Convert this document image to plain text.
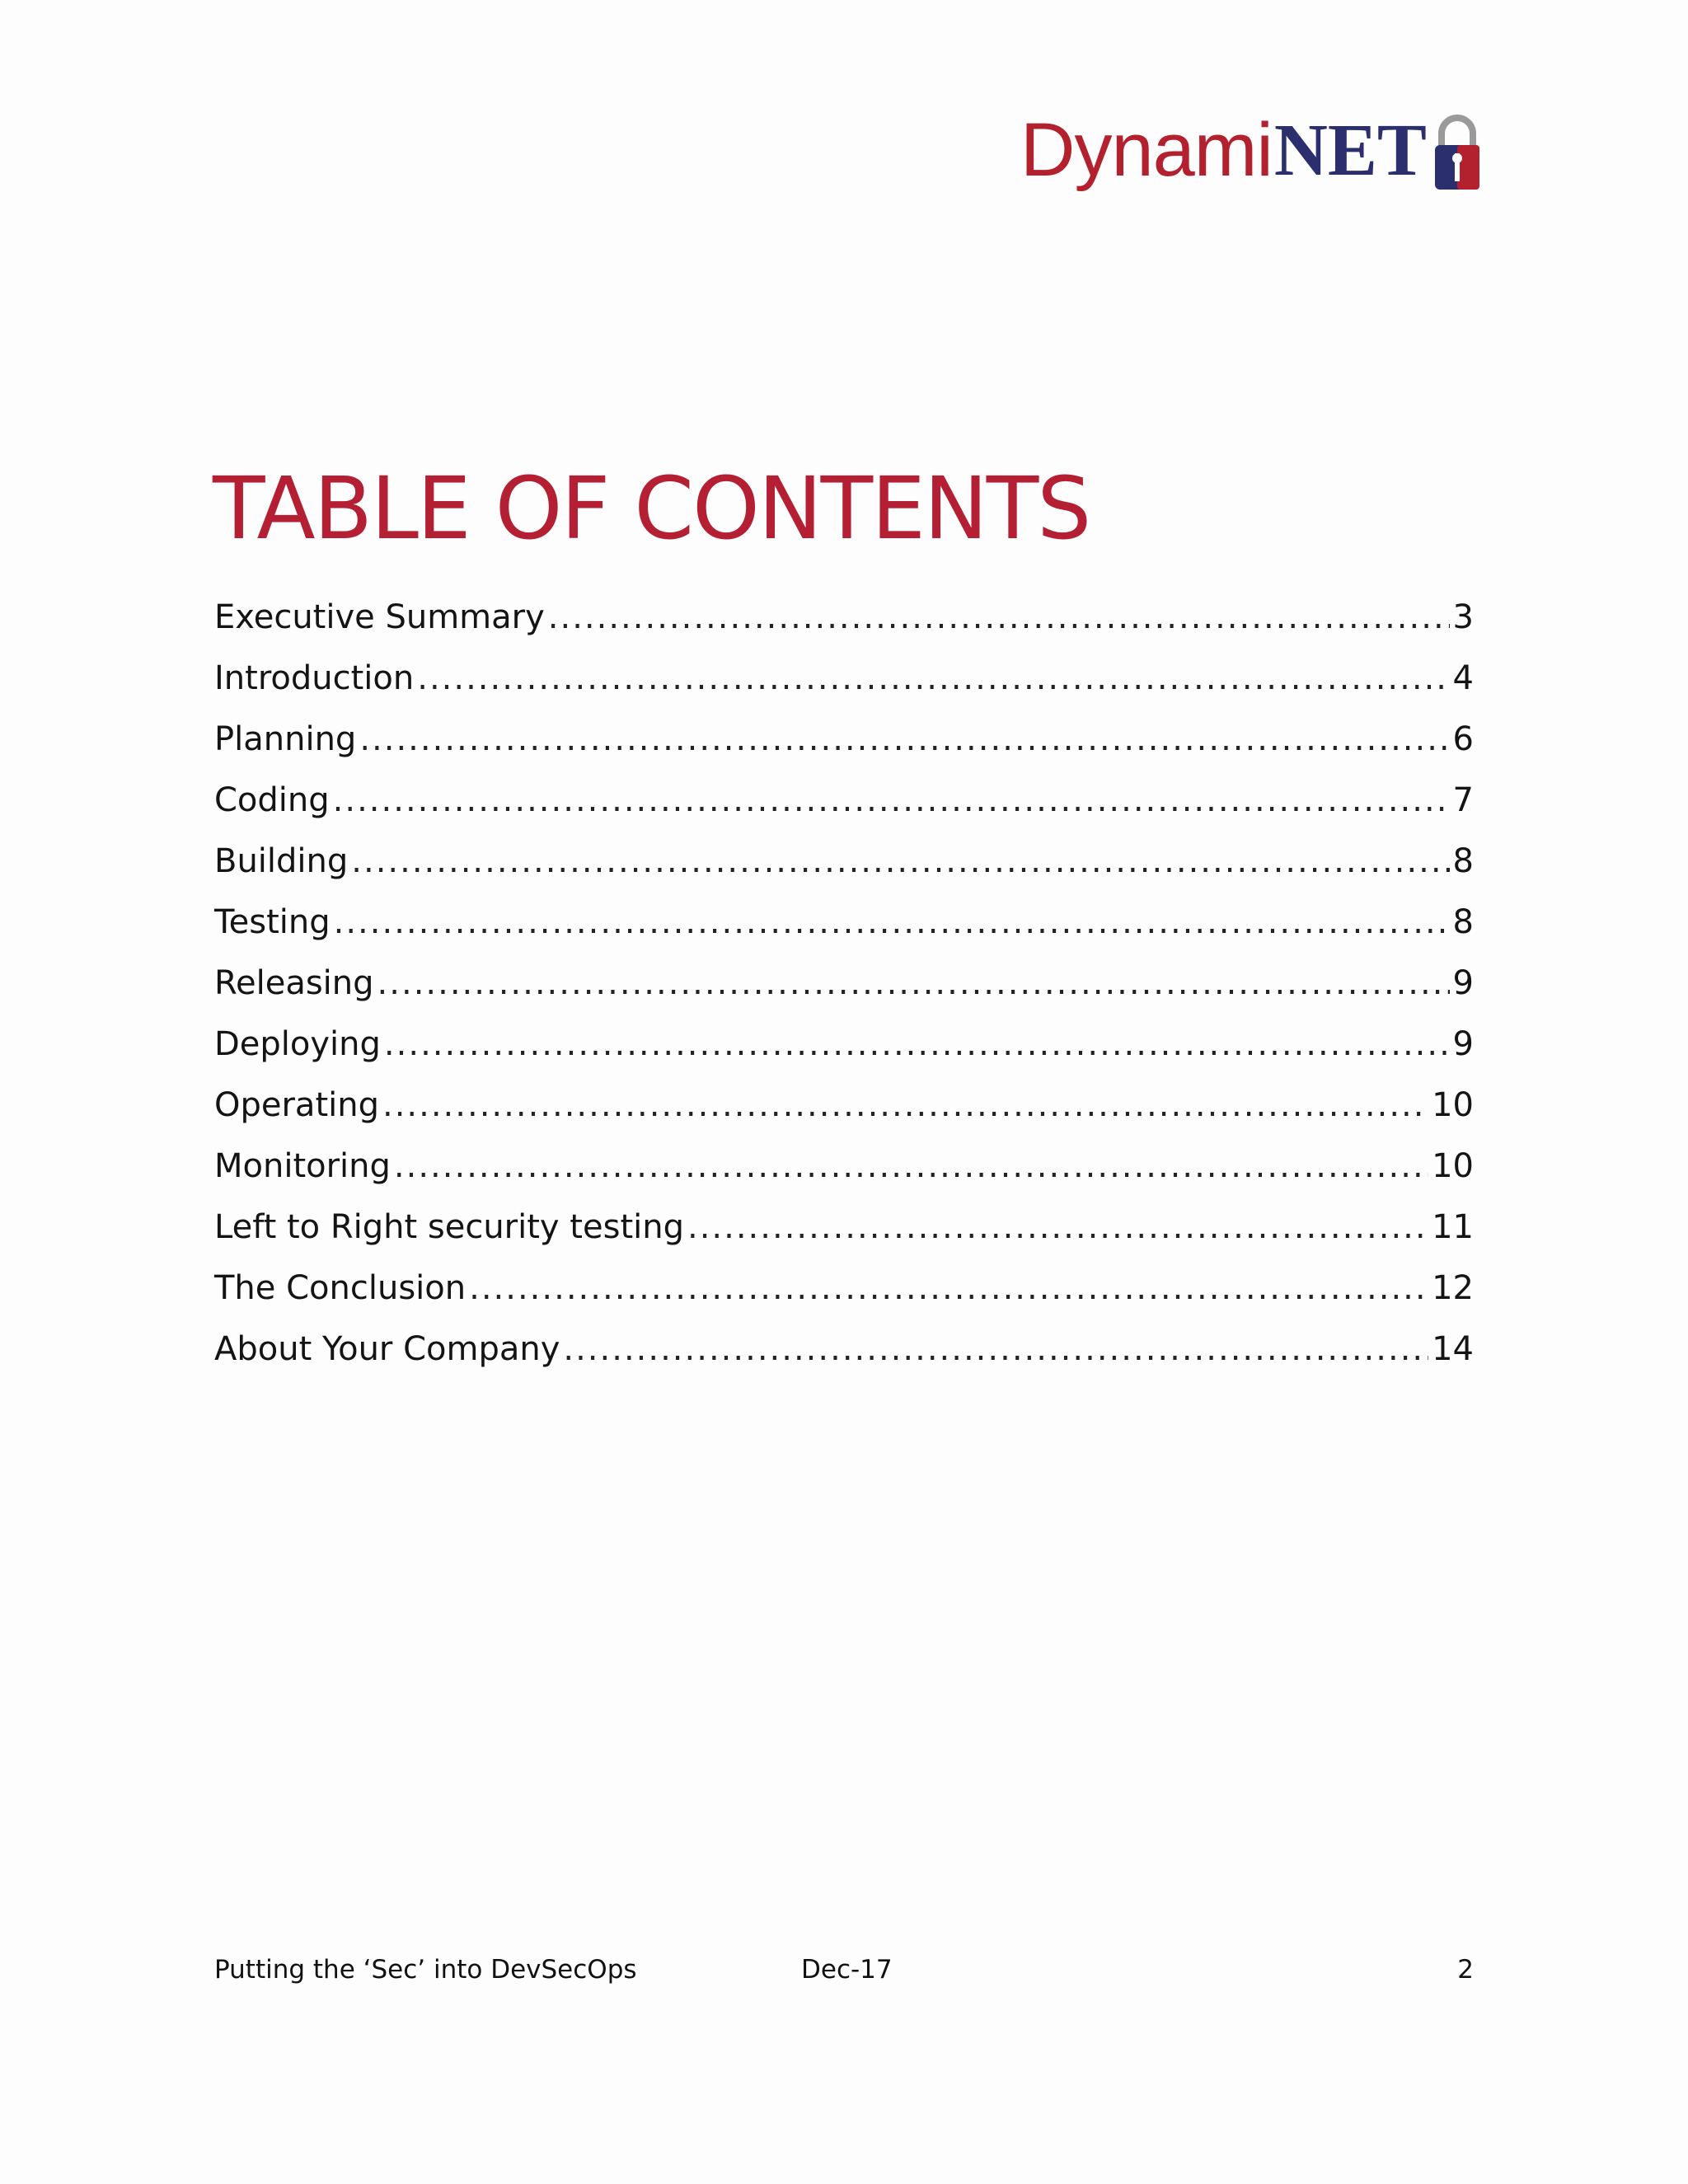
Dynami NET
TABLE OF CONTENTS
Executive Summary .....	3
Introduction .....	4
Planning .....	6
Coding .....	7
Building .....	8
Testing .....	8
Releasing .....	9
Deploying .....	9
Operating .....	10
Monitoring .....	10
Left to Right security testing .....	11
The Conclusion .....	12
About Your Company .....	14
Putting the ‘Sec’ into DevSecOps	Dec-17	2
